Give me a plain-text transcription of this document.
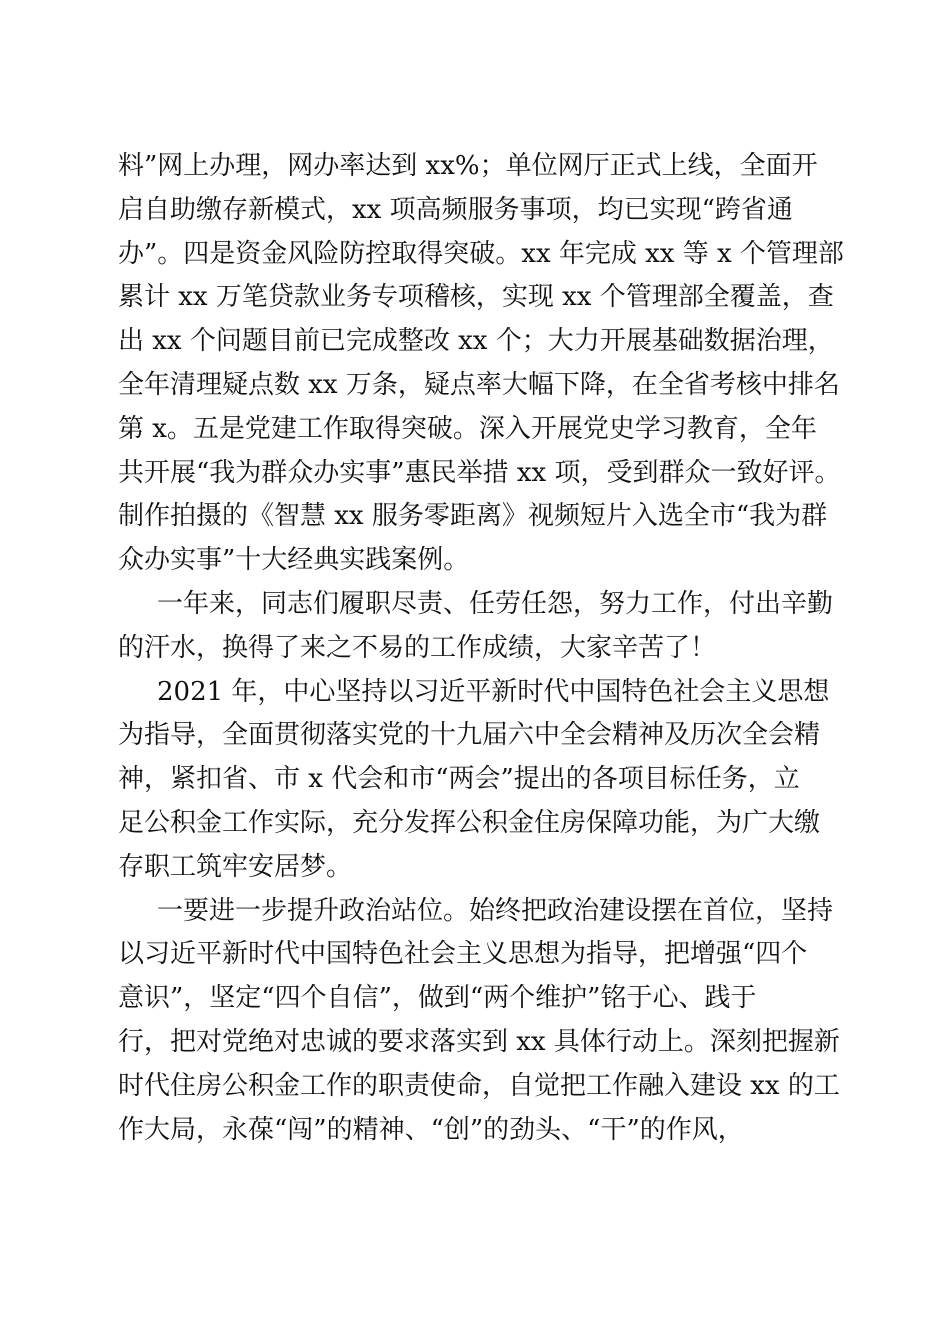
料”网上办理，网办率达到 xx%；单位网厅正式上线，全面开
启自助缴存新模式，xx 项高频服务事项，均已实现“跨省通
办”。四是资金风险防控取得突破。xx 年完成 xx 等 x 个管理部
累计 xx 万笔贷款业务专项稽核，实现 xx 个管理部全覆盖，查
出 xx 个问题目前已完成整改 xx 个；大力开展基础数据治理，
全年清理疑点数 xx 万条，疑点率大幅下降，在全省考核中排名
第 x。五是党建工作取得突破。深入开展党史学习教育，全年
共开展“我为群众办实事”惠民举措 xx 项，受到群众一致好评。
制作拍摄的《智慧 xx 服务零距离》视频短片入选全市“我为群
众办实事”十大经典实践案例。
一年来，同志们履职尽责、任劳任怨，努力工作，付出辛勤
的汗水，换得了来之不易的工作成绩，大家辛苦了！
2021 年，中心坚持以习近平新时代中国特色社会主义思想
为指导，全面贯彻落实党的十九届六中全会精神及历次全会精
神，紧扣省、市 x 代会和市“两会”提出的各项目标任务，立
足公积金工作实际，充分发挥公积金住房保障功能，为广大缴
存职工筑牢安居梦。
一要进一步提升政治站位。始终把政治建设摆在首位，坚持
以习近平新时代中国特色社会主义思想为指导，把增强“四个
意识”，坚定“四个自信”，做到“两个维护”铭于心、践于
行，把对党绝对忠诚的要求落实到 xx 具体行动上。深刻把握新
时代住房公积金工作的职责使命，自觉把工作融入建设 xx 的工
作大局，永葆“闯”的精神、“创”的劲头、“干”的作风，
